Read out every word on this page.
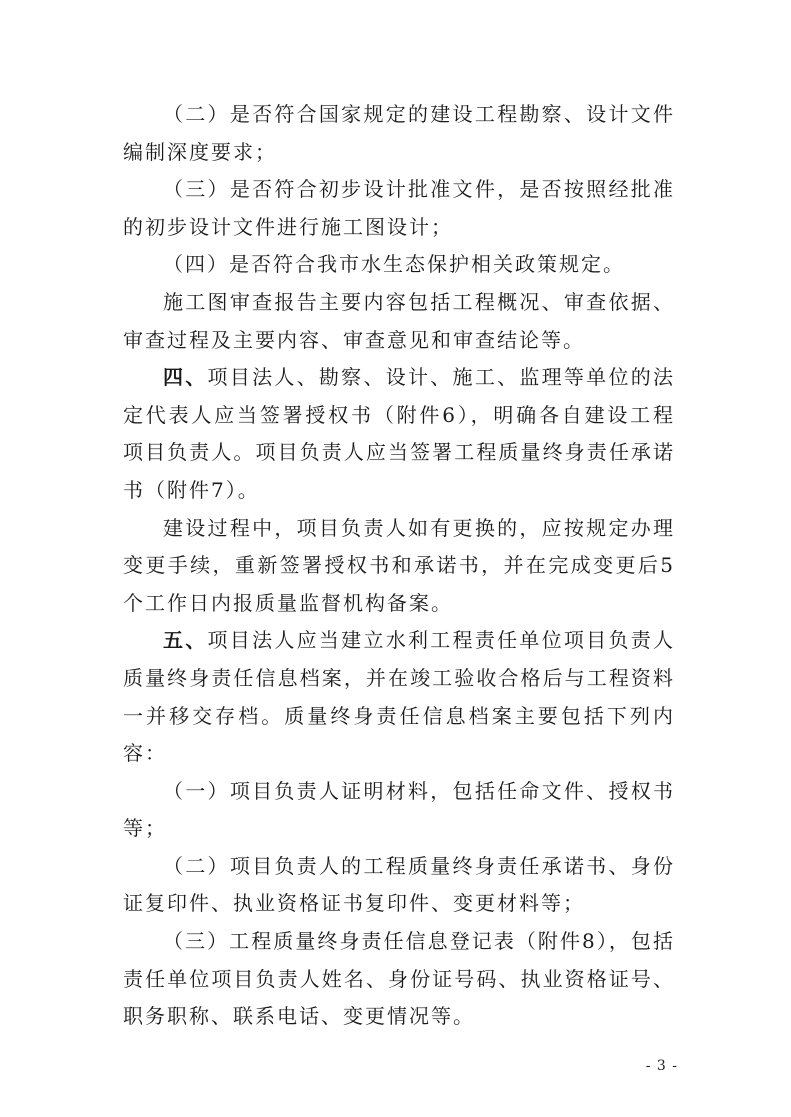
（二）是否符合国家规定的建设工程勘察、设计文件编制深度要求；

（三）是否符合初步设计批准文件，是否按照经批准的初步设计文件进行施工图设计；

（四）是否符合我市水生态保护相关政策规定。

施工图审查报告主要内容包括工程概况、审查依据、审查过程及主要内容、审查意见和审查结论等。

四、项目法人、勘察、设计、施工、监理等单位的法定代表人应当签署授权书（附件6），明确各自建设工程项目负责人。项目负责人应当签署工程质量终身责任承诺书（附件7）。

建设过程中，项目负责人如有更换的，应按规定办理变更手续，重新签署授权书和承诺书，并在完成变更后5个工作日内报质量监督机构备案。

五、项目法人应当建立水利工程责任单位项目负责人质量终身责任信息档案，并在竣工验收合格后与工程资料一并移交存档。质量终身责任信息档案主要包括下列内容：

（一）项目负责人证明材料，包括任命文件、授权书等；

（二）项目负责人的工程质量终身责任承诺书、身份证复印件、执业资格证书复印件、变更材料等；

（三）工程质量终身责任信息登记表（附件8），包括责任单位项目负责人姓名、身份证号码、执业资格证号、职务职称、联系电话、变更情况等。

- 3 -
